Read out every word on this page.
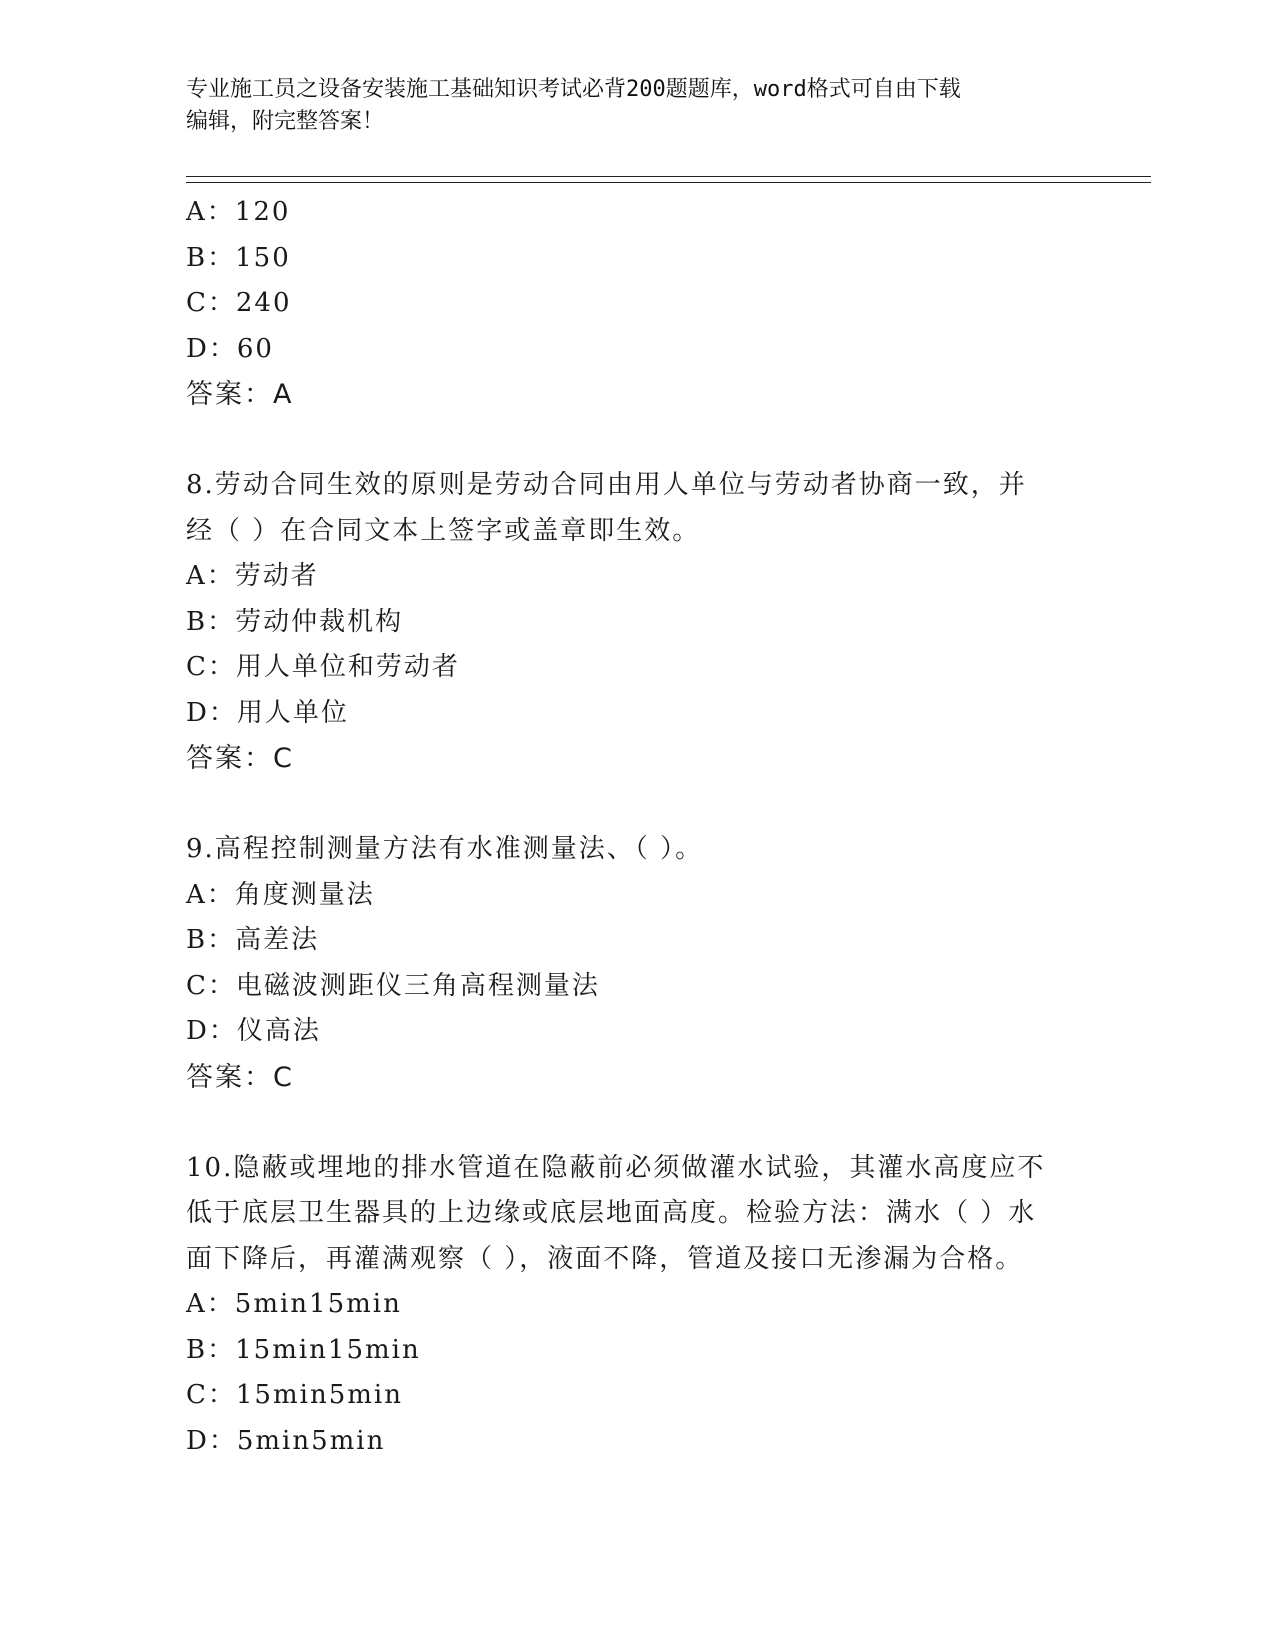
专业施工员之设备安装施工基础知识考试必背200题题库，word格式可自由下载
编辑，附完整答案！
A：120
B：150
C：240
D：60
答案：A
8.劳动合同生效的原则是劳动合同由用人单位与劳动者协商一致，并
经（ ）在合同文本上签字或盖章即生效。
A：劳动者
B：劳动仲裁机构
C：用人单位和劳动者
D：用人单位
答案：C
9.高程控制测量方法有水准测量法、（ ）。
A：角度测量法
B：高差法
C：电磁波测距仪三角高程测量法
D：仪高法
答案：C
10.隐蔽或埋地的排水管道在隐蔽前必须做灌水试验，其灌水高度应不
低于底层卫生器具的上边缘或底层地面高度。检验方法：满水（ ）水
面下降后，再灌满观察（ ），液面不降，管道及接口无渗漏为合格。
A：5min15min
B：15min15min
C：15min5min
D：5min5min
